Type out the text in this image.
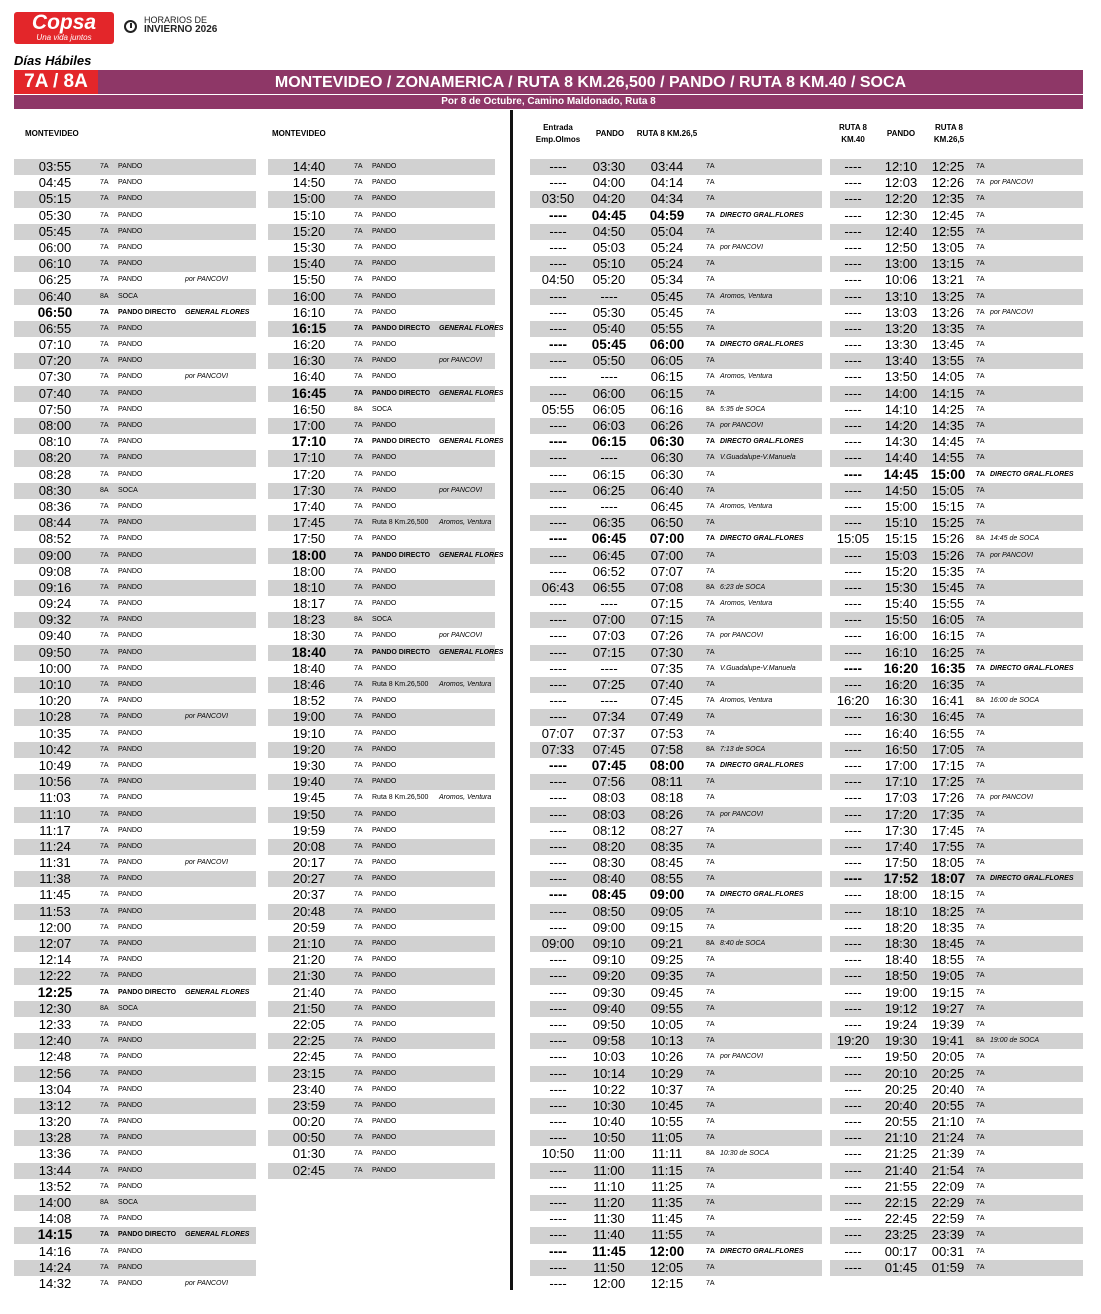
Copsa
Una vida juntos
HORARIOS DE
INVIERNO 2026
Días Hábiles
7A / 8A	MONTEVIDEO / ZONAMERICA / RUTA 8 KM.26,500 / PANDO / RUTA 8 KM.40 / SOCA
Por 8 de Octubre, Camino Maldonado, Ruta 8
MONTEVIDEO	MONTEVIDEO
Entrada
Emp.Olmos
PANDO	RUTA 8 KM.26,5
RUTA 8
KM.40
PANDO
RUTA 8
KM.26,5
03:55	7A PANDO
04:45	7A PANDO
05:15	7A PANDO
05:30	7A PANDO
05:45	7A PANDO
06:00	7A PANDO
06:10	7A PANDO
06:25	7A PANDO	por PANCOVI
06:40	8A SOCA
06:50	7A PANDO DIRECTO GENERAL FLORES
06:55	7A PANDO
07:10	7A PANDO
07:20	7A PANDO
07:30	7A PANDO	por PANCOVI
07:40	7A PANDO
07:50	7A PANDO
08:00	7A PANDO
08:10	7A PANDO
08:20	7A PANDO
08:28	7A PANDO
08:30	8A SOCA
08:36	7A PANDO
08:44	7A PANDO
08:52	7A PANDO
09:00	7A PANDO
09:08	7A PANDO
09:16	7A PANDO
09:24	7A PANDO
09:32	7A PANDO
09:40	7A PANDO
09:50	7A PANDO
10:00	7A PANDO
10:10	7A PANDO
10:20	7A PANDO
10:28	7A PANDO	por PANCOVI
10:35	7A PANDO
10:42	7A PANDO
10:49	7A PANDO
10:56	7A PANDO
11:03	7A PANDO
11:10	7A PANDO
11:17	7A PANDO
11:24	7A PANDO
11:31	7A PANDO	por PANCOVI
11:38	7A PANDO
11:45	7A PANDO
11:53	7A PANDO
12:00	7A PANDO
12:07	7A PANDO
12:14	7A PANDO
12:22	7A PANDO
12:25	7A PANDO DIRECTO GENERAL FLORES
12:30	8A SOCA
12:33	7A PANDO
12:40	7A PANDO
12:48	7A PANDO
12:56	7A PANDO
13:04	7A PANDO
13:12	7A PANDO
13:20	7A PANDO
13:28	7A PANDO
13:36	7A PANDO
13:44	7A PANDO
13:52	7A PANDO
14:00	8A SOCA
14:08	7A PANDO
14:15	7A PANDO DIRECTO GENERAL FLORES
14:16	7A PANDO
14:24	7A PANDO
14:32	7A PANDO	por PANCOVI
14:40	7A PANDO
14:50	7A PANDO
15:00	7A PANDO
15:10	7A PANDO
15:20	7A PANDO
15:30	7A PANDO
15:40	7A PANDO
15:50	7A PANDO
16:00	7A PANDO
16:10	7A PANDO
16:15	7A PANDO DIRECTO GENERAL FLORES
16:20	7A PANDO
16:30	7A PANDO	por PANCOVI
16:40	7A PANDO
16:45	7A PANDO DIRECTO GENERAL FLORES
16:50	8A SOCA
17:00	7A PANDO
17:10	7A PANDO DIRECTO GENERAL FLORES
17:10	7A PANDO
17:20	7A PANDO
17:30	7A PANDO	por PANCOVI
17:40	7A PANDO
17:45	7A Ruta 8 Km.26,500 Aromos, Ventura
17:50	7A PANDO
18:00	7A PANDO DIRECTO GENERAL FLORES
18:00	7A PANDO
18:10	7A PANDO
18:17	7A PANDO
18:23	8A SOCA
18:30	7A PANDO	por PANCOVI
18:40	7A PANDO DIRECTO GENERAL FLORES
18:40	7A PANDO
18:46	7A Ruta 8 Km.26,500 Aromos, Ventura
18:52	7A PANDO
19:00	7A PANDO
19:10	7A PANDO
19:20	7A PANDO
19:30	7A PANDO
19:40	7A PANDO
19:45	7A Ruta 8 Km.26,500 Aromos, Ventura
19:50	7A PANDO
19:59	7A PANDO
20:08	7A PANDO
20:17	7A PANDO
20:27	7A PANDO
20:37	7A PANDO
20:48	7A PANDO
20:59	7A PANDO
21:10	7A PANDO
21:20	7A PANDO
21:30	7A PANDO
21:40	7A PANDO
21:50	7A PANDO
22:05	7A PANDO
22:25	7A PANDO
22:45	7A PANDO
23:15	7A PANDO
23:40	7A PANDO
23:59	7A PANDO
00:20	7A PANDO
00:50	7A PANDO
01:30	7A PANDO
02:45	7A PANDO
----	03:30	03:44	7A
----	04:00	04:14	7A
03:50	04:20	04:34	7A
----	04:45	04:59	7A DIRECTO GRAL.FLORES
----	04:50	05:04	7A
----	05:03	05:24	7A por PANCOVI
----	05:10	05:24	7A
04:50	05:20	05:34	7A
----	----	05:45	7A Aromos, Ventura
----	05:30	05:45	7A
----	05:40	05:55	7A
----	05:45	06:00	7A DIRECTO GRAL.FLORES
----	05:50	06:05	7A
----	----	06:15	7A Aromos, Ventura
----	06:00	06:15	7A
05:55	06:05	06:16	8A 5:35 de SOCA
----	06:03	06:26	7A por PANCOVI
----	06:15	06:30	7A DIRECTO GRAL.FLORES
----	----	06:30	7A V.Guadalupe-V.Manuela
----	06:15	06:30	7A
----	06:25	06:40	7A
----	----	06:45	7A Aromos, Ventura
----	06:35	06:50	7A
----	06:45	07:00	7A DIRECTO GRAL.FLORES
----	06:45	07:00	7A
----	06:52	07:07	7A
06:43	06:55	07:08	8A 6:23 de SOCA
----	----	07:15	7A Aromos, Ventura
----	07:00	07:15	7A
----	07:03	07:26	7A por PANCOVI
----	07:15	07:30	7A
----	----	07:35	7A V.Guadalupe-V.Manuela
----	07:25	07:40	7A
----	----	07:45	7A Aromos, Ventura
----	07:34	07:49	7A
07:07	07:37	07:53	7A
07:33	07:45	07:58	8A 7:13 de SOCA
----	07:45	08:00	7A DIRECTO GRAL.FLORES
----	07:56	08:11	7A
----	08:03	08:18	7A
----	08:03	08:26	7A por PANCOVI
----	08:12	08:27	7A
----	08:20	08:35	7A
----	08:30	08:45	7A
----	08:40	08:55	7A
----	08:45	09:00	7A DIRECTO GRAL.FLORES
----	08:50	09:05	7A
----	09:00	09:15	7A
09:00	09:10	09:21	8A 8:40 de SOCA
----	09:10	09:25	7A
----	09:20	09:35	7A
----	09:30	09:45	7A
----	09:40	09:55	7A
----	09:50	10:05	7A
----	09:58	10:13	7A
----	10:03	10:26	7A por PANCOVI
----	10:14	10:29	7A
----	10:22	10:37	7A
----	10:30	10:45	7A
----	10:40	10:55	7A
----	10:50	11:05	7A
10:50	11:00	11:11	8A 10:30 de SOCA
----	11:00	11:15	7A
----	11:10	11:25	7A
----	11:20	11:35	7A
----	11:30	11:45	7A
----	11:40	11:55	7A
----	11:45	12:00	7A DIRECTO GRAL.FLORES
----	11:50	12:05	7A
----	12:00	12:15	7A
----	12:10	12:25	7A
----	12:03	12:26	7A por PANCOVI
----	12:20	12:35	7A
----	12:30	12:45	7A
----	12:40	12:55	7A
----	12:50	13:05	7A
----	13:00	13:15	7A
----	10:06	13:21	7A
----	13:10	13:25	7A
----	13:03	13:26	7A por PANCOVI
----	13:20	13:35	7A
----	13:30	13:45	7A
----	13:40	13:55	7A
----	13:50	14:05	7A
----	14:00	14:15	7A
----	14:10	14:25	7A
----	14:20	14:35	7A
----	14:30	14:45	7A
----	14:40	14:55	7A
----	14:45 15:00	7A DIRECTO GRAL.FLORES
----	14:50	15:05	7A
----	15:00	15:15	7A
----	15:10	15:25	7A
15:05	15:15	15:26	8A 14:45 de SOCA
----	15:03	15:26	7A por PANCOVI
----	15:20	15:35	7A
----	15:30	15:45	7A
----	15:40	15:55	7A
----	15:50	16:05	7A
----	16:00	16:15	7A
----	16:10	16:25	7A
----	16:20 16:35	7A DIRECTO GRAL.FLORES
----	16:20	16:35	7A
16:20	16:30	16:41	8A 16:00 de SOCA
----	16:30	16:45	7A
----	16:40	16:55	7A
----	16:50	17:05	7A
----	17:00	17:15	7A
----	17:10	17:25	7A
----	17:03	17:26	7A por PANCOVI
----	17:20	17:35	7A
----	17:30	17:45	7A
----	17:40	17:55	7A
----	17:50	18:05	7A
----	17:52 18:07	7A DIRECTO GRAL.FLORES
----	18:00	18:15	7A
----	18:10	18:25	7A
----	18:20	18:35	7A
----	18:30	18:45	7A
----	18:40	18:55	7A
----	18:50	19:05	7A
----	19:00	19:15	7A
----	19:12	19:27	7A
----	19:24	19:39	7A
19:20	19:30	19:41	8A 19:00 de SOCA
----	19:50	20:05	7A
----	20:10	20:25	7A
----	20:25	20:40	7A
----	20:40	20:55	7A
----	20:55	21:10	7A
----	21:10	21:24	7A
----	21:25	21:39	7A
----	21:40	21:54	7A
----	21:55	22:09	7A
----	22:15	22:29	7A
----	22:45	22:59	7A
----	23:25	23:39	7A
----	00:17	00:31	7A
----	01:45	01:59	7A
